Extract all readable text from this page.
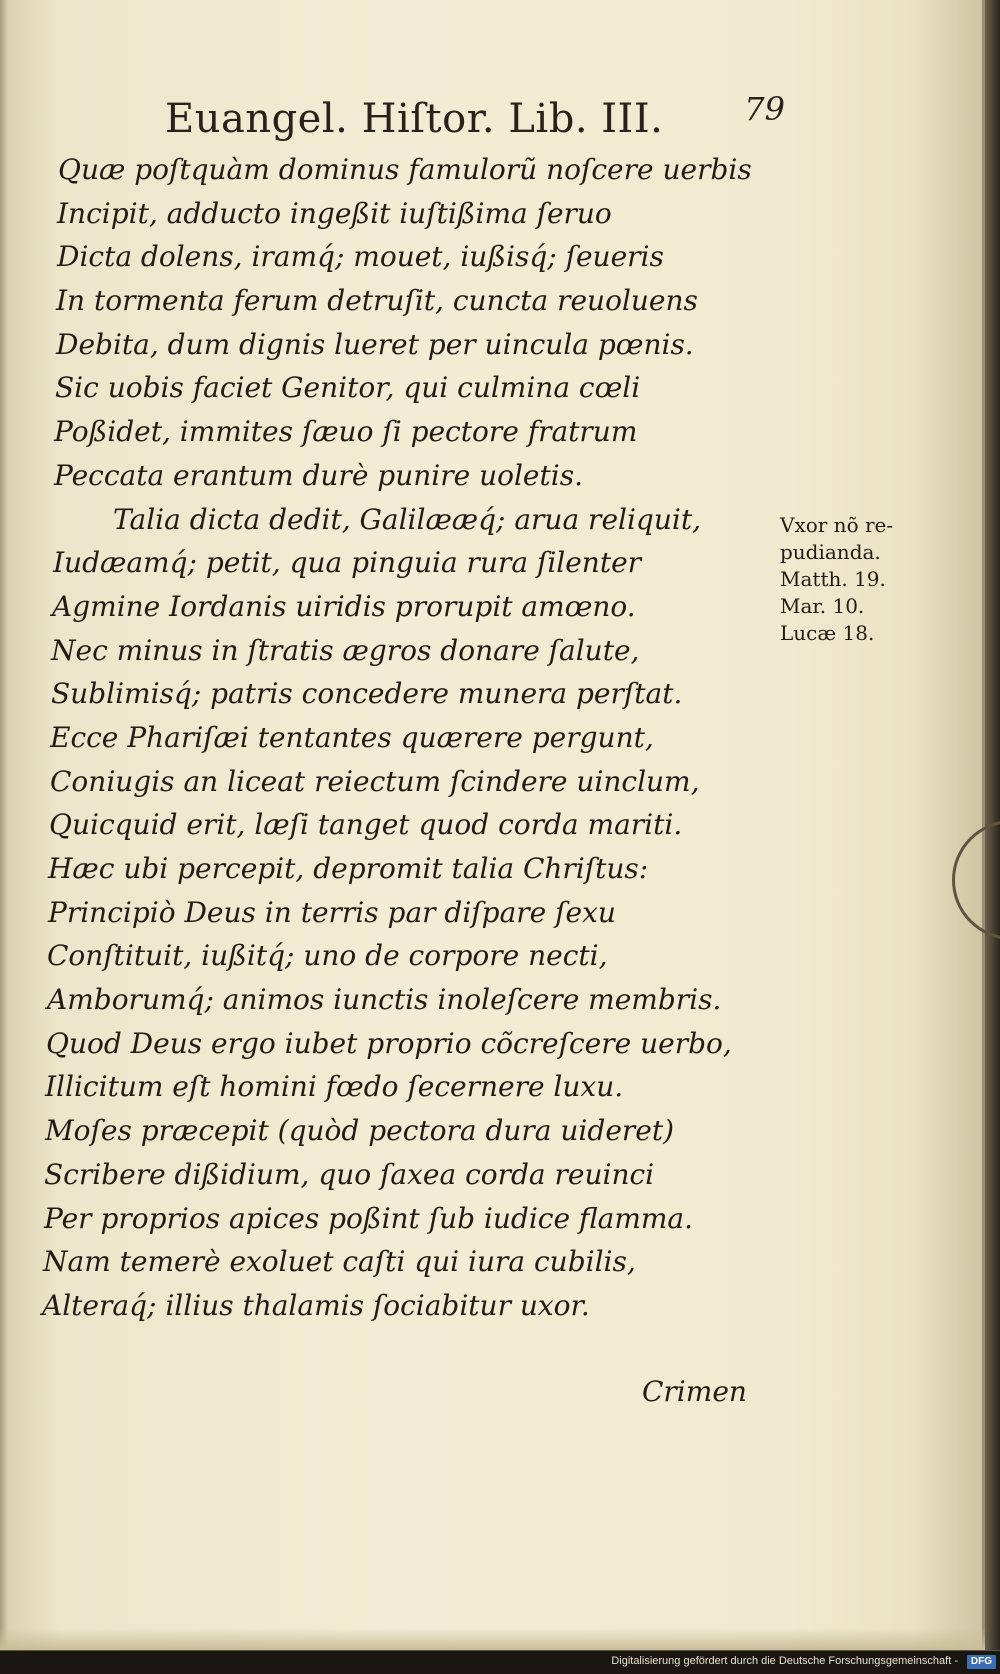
Euangel. Hiſtor. Lib. III.	79
Quæ poſtquàm dominus famulorũ noſcere uerbis
Incipit, adducto ingeßit iuſtißima ſeruo
Dicta dolens, iramq́; mouet, iußisq́; ſeueris
In tormenta ferum detruſit, cuncta reuoluens
Debita, dum dignis lueret per uincula pœnis.
Sic uobis faciet Genitor, qui culmina cœli
Poßidet, immites ſæuo ſi pectore fratrum
Peccata erantum durè punire uoletis.
Talia dicta dedit, Galilææq́; arua reliquit,
Iudæamq́; petit, qua pinguia rura ſilenter
Agmine Iordanis uiridis prorupit amœno.
Nec minus in ſtratis ægros donare ſalute,
Sublimisq́; patris concedere munera perſtat.
Ecce Phariſæi tentantes quærere pergunt,
Coniugis an liceat reiectum ſcindere uinclum,
Quicquid erit, læſi tanget quod corda mariti.
Hæc ubi percepit, depromit talia Chriſtus:
Principiò Deus in terris par diſpare ſexu
Conſtituit, iußitq́; uno de corpore necti,
Amborumq́; animos iunctis inoleſcere membris.
Quod Deus ergo iubet proprio cõcreſcere uerbo,
Illicitum eſt homini fœdo ſecernere luxu.
Moſes præcepit (quòd pectora dura uideret)
Scribere dißidium, quo ſaxea corda reuinci
Per proprios apices poßint ſub iudice flamma.
Nam temerè exoluet caſti qui iura cubilis,
Alteraq́; illius thalamis ſociabitur uxor.
Vxor nõ re-
pudianda.
Matth. 19.
Mar. 10.
Lucæ 18.
Crimen
Digitalisierung gefördert durch die Deutsche Forschungsgemeinschaft -	DFG
